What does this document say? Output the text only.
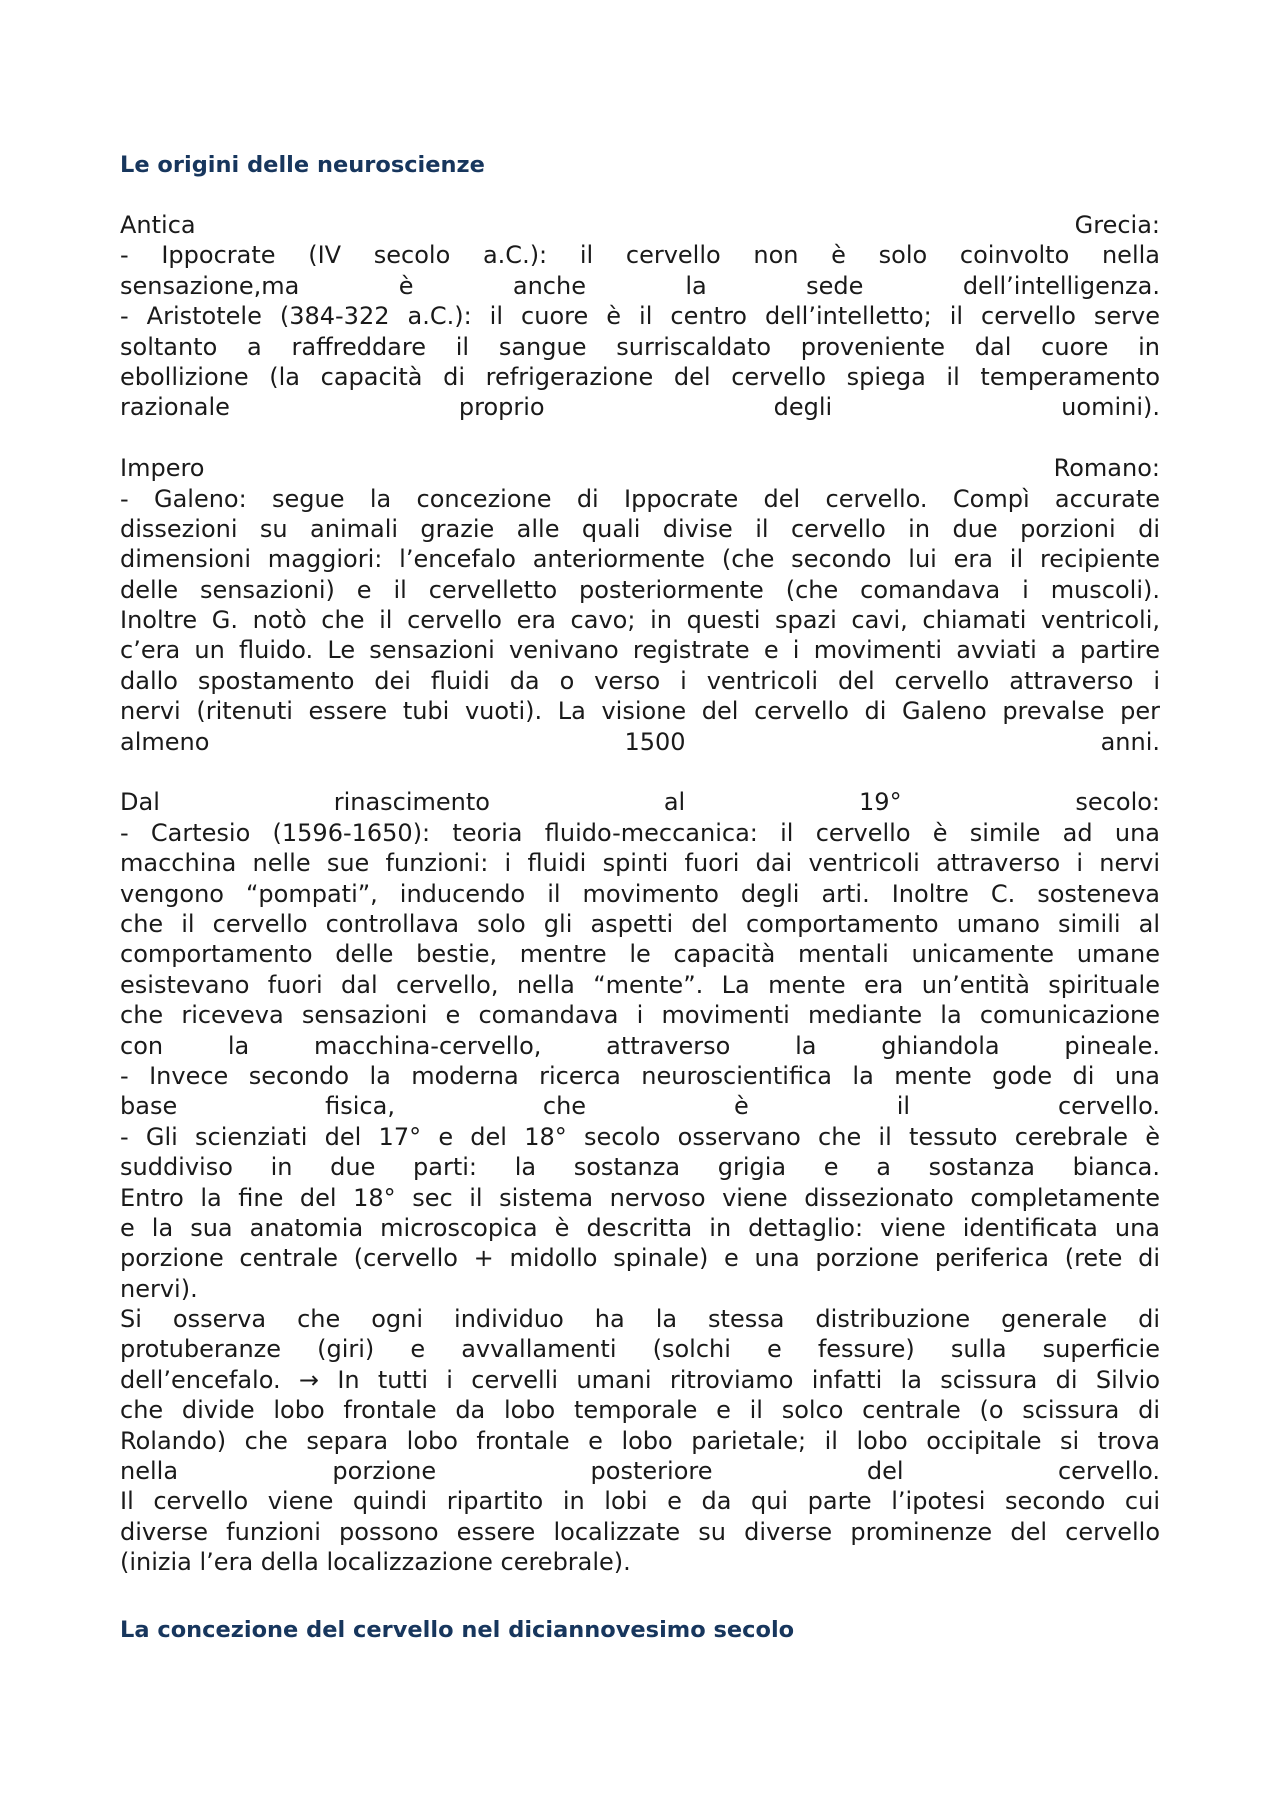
Le origini delle neuroscienze
Antica Grecia:
- Ippocrate (IV secolo a.C.): il cervello non è solo coinvolto nella
sensazione,ma è anche la sede dell’intelligenza.
- Aristotele (384-322 a.C.): il cuore è il centro dell’intelletto; il cervello serve
soltanto a raffreddare il sangue surriscaldato proveniente dal cuore in
ebollizione (la capacità di refrigerazione del cervello spiega il temperamento
razionale proprio degli uomini).
Impero Romano:
- Galeno: segue la concezione di Ippocrate del cervello. Compì accurate
dissezioni su animali grazie alle quali divise il cervello in due porzioni di
dimensioni maggiori: l’encefalo anteriormente (che secondo lui era il recipiente
delle sensazioni) e il cervelletto posteriormente (che comandava i muscoli).
Inoltre G. notò che il cervello era cavo; in questi spazi cavi, chiamati ventricoli,
c’era un fluido. Le sensazioni venivano registrate e i movimenti avviati a partire
dallo spostamento dei fluidi da o verso i ventricoli del cervello attraverso i
nervi (ritenuti essere tubi vuoti). La visione del cervello di Galeno prevalse per
almeno 1500 anni.
Dal rinascimento al 19° secolo:
- Cartesio (1596-1650): teoria fluido-meccanica: il cervello è simile ad una
macchina nelle sue funzioni: i fluidi spinti fuori dai ventricoli attraverso i nervi
vengono “pompati”, inducendo il movimento degli arti. Inoltre C. sosteneva
che il cervello controllava solo gli aspetti del comportamento umano simili al
comportamento delle bestie, mentre le capacità mentali unicamente umane
esistevano fuori dal cervello, nella “mente”. La mente era un’entità spirituale
che riceveva sensazioni e comandava i movimenti mediante la comunicazione
con la macchina-cervello, attraverso la ghiandola pineale.
- Invece secondo la moderna ricerca neuroscientifica la mente gode di una
base fisica, che è il cervello.
- Gli scienziati del 17° e del 18° secolo osservano che il tessuto cerebrale è
suddiviso in due parti: la sostanza grigia e a sostanza bianca.
Entro la fine del 18° sec il sistema nervoso viene dissezionato completamente
e la sua anatomia microscopica è descritta in dettaglio: viene identificata una
porzione centrale (cervello + midollo spinale) e una porzione periferica (rete di
nervi).
Si osserva che ogni individuo ha la stessa distribuzione generale di
protuberanze (giri) e avvallamenti (solchi e fessure) sulla superficie
dell’encefalo. → In tutti i cervelli umani ritroviamo infatti la scissura di Silvio
che divide lobo frontale da lobo temporale e il solco centrale (o scissura di
Rolando) che separa lobo frontale e lobo parietale; il lobo occipitale si trova
nella porzione posteriore del cervello.
Il cervello viene quindi ripartito in lobi e da qui parte l’ipotesi secondo cui
diverse funzioni possono essere localizzate su diverse prominenze del cervello
(inizia l’era della localizzazione cerebrale).
La concezione del cervello nel diciannovesimo secolo
